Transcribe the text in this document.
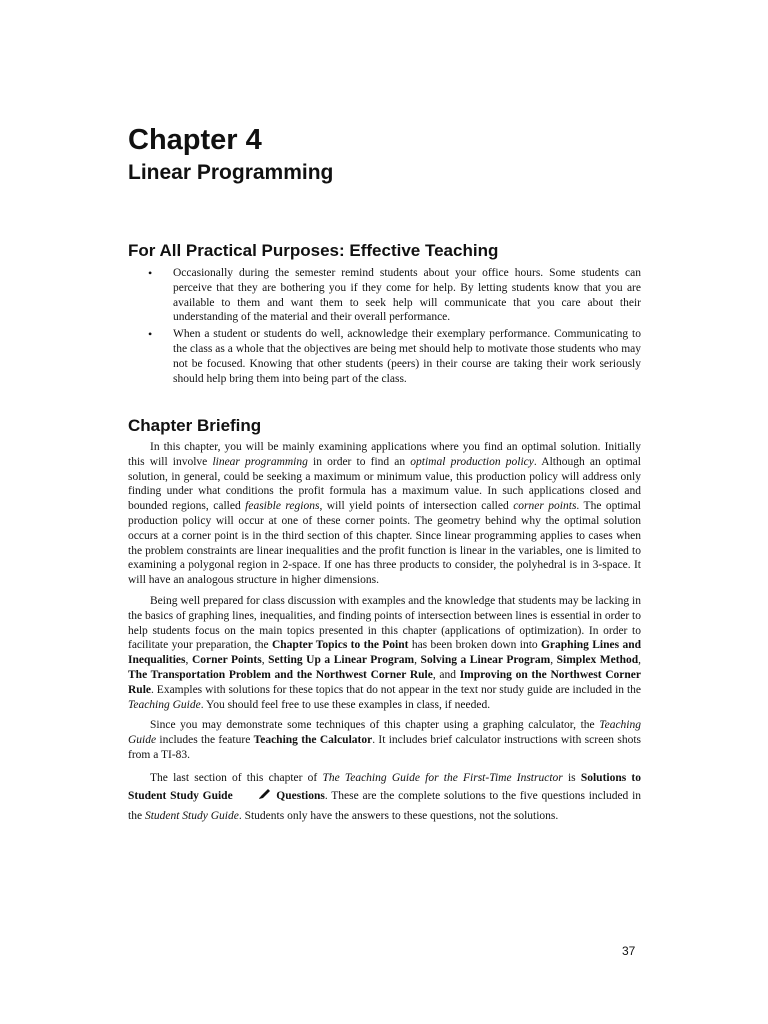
Chapter 4
Linear Programming
For All Practical Purposes: Effective Teaching
• Occasionally during the semester remind students about your office hours. Some students can perceive that they are bothering you if they come for help. By letting students know that you are available to them and want them to seek help will communicate that you care about their understanding of the material and their overall performance.
• When a student or students do well, acknowledge their exemplary performance. Communicating to the class as a whole that the objectives are being met should help to motivate those students who may not be focused. Knowing that other students (peers) in their course are taking their work seriously should help bring them into being part of the class.
Chapter Briefing

In this chapter, you will be mainly examining applications where you find an optimal solution. Initially this will involve linear programming in order to find an optimal production policy. Although an optimal solution, in general, could be seeking a maximum or minimum value, this production policy will address only finding under what conditions the profit formula has a maximum value. In such applications closed and bounded regions, called feasible regions, will yield points of intersection called corner points. The optimal production policy will occur at one of these corner points. The geometry behind why the optimal solution occurs at a corner point is in the third section of this chapter. Since linear programming applies to cases when the problem constraints are linear inequalities and the profit function is linear in the variables, one is limited to examining a polygonal region in 2-space. If one has three products to consider, the polyhedral is in 3-space. It will have an analogous structure in higher dimensions.

Being well prepared for class discussion with examples and the knowledge that students may be lacking in the basics of graphing lines, inequalities, and finding points of intersection between lines is essential in order to help students focus on the main topics presented in this chapter (applications of optimization). In order to facilitate your preparation, the Chapter Topics to the Point has been broken down into Graphing Lines and Inequalities, Corner Points, Setting Up a Linear Program, Solving a Linear Program, Simplex Method, The Transportation Problem and the Northwest Corner Rule, and Improving on the Northwest Corner Rule. Examples with solutions for these topics that do not appear in the text nor study guide are included in the Teaching Guide. You should feel free to use these examples in class, if needed.

Since you may demonstrate some techniques of this chapter using a graphing calculator, the Teaching Guide includes the feature Teaching the Calculator. It includes brief calculator instructions with screen shots from a TI-83.

The last section of this chapter of The Teaching Guide for the First-Time Instructor is Solutions to Student Study Guide	Questions. These are the complete solutions to the five questions included in the Student Study Guide. Students only have the answers to these questions, not the solutions.

37
